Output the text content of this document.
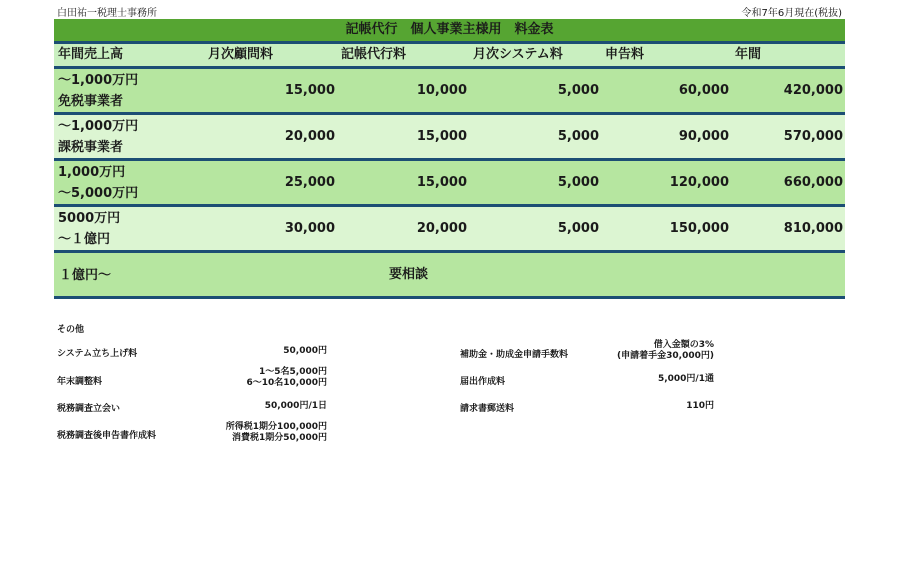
白田祐一税理士事務所	令和7年6月現在(税抜)
記帳代行　個人事業主様用　料金表
年間売上高	月次顧問料	記帳代行料	月次システム料	申告料	年間
～1,000万円
免税事業者
15,000	10,000	5,000	60,000	420,000
～1,000万円
課税事業者
20,000	15,000	5,000	90,000	570,000
1,000万円
～5,000万円
25,000	15,000	5,000	120,000	660,000
5000万円
～１億円
30,000	20,000	5,000	150,000	810,000
１億円～	要相談
その他
システム立ち上げ料	50,000円
年末調整料
1～5名5,000円
6～10名10,000円
税務調査立会い	50,000円/1日
税務調査後申告書作成料
所得税1期分100,000円
消費税1期分50,000円
補助金・助成金申請手数料
借入金額の3%
(申請着手金30,000円)
届出作成料	5,000円/1通
請求書郵送料	110円
